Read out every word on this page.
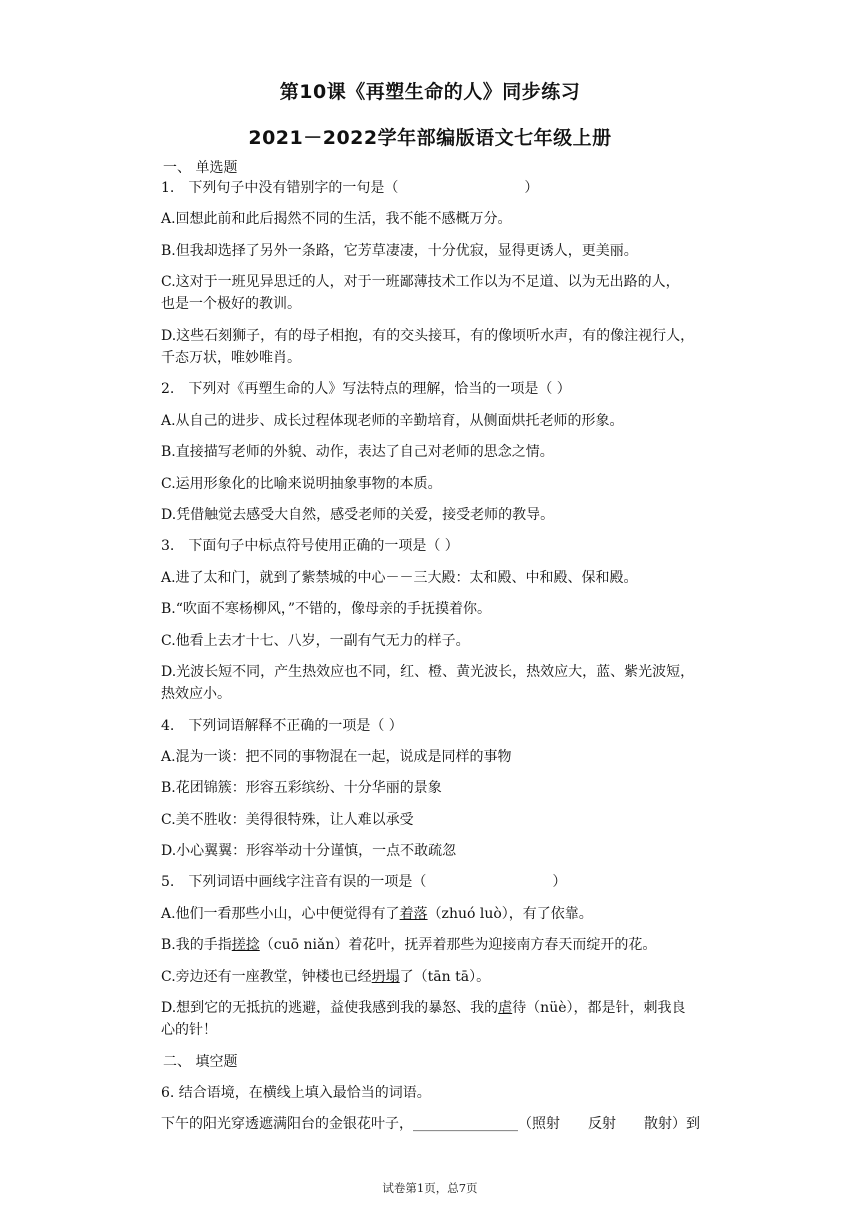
第10课《再塑生命的人》同步练习
2021－2022学年部编版语文七年级上册
一、 单选题
1.　下列句子中没有错别字的一句是（　　　　　　　　　）
A.回想此前和此后揭然不同的生活，我不能不感概万分。
B.但我却选择了另外一条路，它芳草凄凄，十分优寂，显得更诱人，更美丽。
C.这对于一班见异思迁的人，对于一班鄙薄技术工作以为不足道、以为无出路的人，
也是一个极好的教训。
D.这些石刻狮子，有的母子相抱，有的交头接耳，有的像顷听水声，有的像注视行人，
千态万状，唯妙唯肖。
2.　下列对《再塑生命的人》写法特点的理解，恰当的一项是（ ）
A.从自己的进步、成长过程体现老师的辛勤培育，从侧面烘托老师的形象。
B.直接描写老师的外貌、动作，表达了自己对老师的思念之情。
C.运用形象化的比喻来说明抽象事物的本质。
D.凭借触觉去感受大自然，感受老师的关爱，接受老师的教导。
3.　下面句子中标点符号使用正确的一项是（ ）
A.进了太和门，就到了紫禁城的中心－－三大殿：太和殿、中和殿、保和殿。
B.“吹面不寒杨柳风，”不错的，像母亲的手抚摸着你。
C.他看上去才十七、八岁，一副有气无力的样子。
D.光波长短不同，产生热效应也不同，红、橙、黄光波长，热效应大，蓝、紫光波短，
热效应小。
4.　下列词语解释不正确的一项是（ ）
A.混为一谈：把不同的事物混在一起，说成是同样的事物
B.花团锦簇：形容五彩缤纷、十分华丽的景象
C.美不胜收：美得很特殊，让人难以承受
D.小心翼翼：形容举动十分谨慎，一点不敢疏忽
5.　下列词语中画线字注音有误的一项是（　　　　　　　　　）
A.他们一看那些小山，心中便觉得有了着落（zhuó luò），有了依靠。
B.我的手指搓捻（cuō niǎn）着花叶，抚弄着那些为迎接南方春天而绽开的花。
C.旁边还有一座教堂，钟楼也已经坍塌了（tān tā）。
D.想到它的无抵抗的逃避，益使我感到我的暴怒、我的虐待（nüè），都是针，刺我良
心的针！
二、 填空题
6. 结合语境，在横线上填入最恰当的词语。
下午的阳光穿透遮满阳台的金银花叶子，_______________（照射　　反射　　散射）到
试卷第1页，总7页
